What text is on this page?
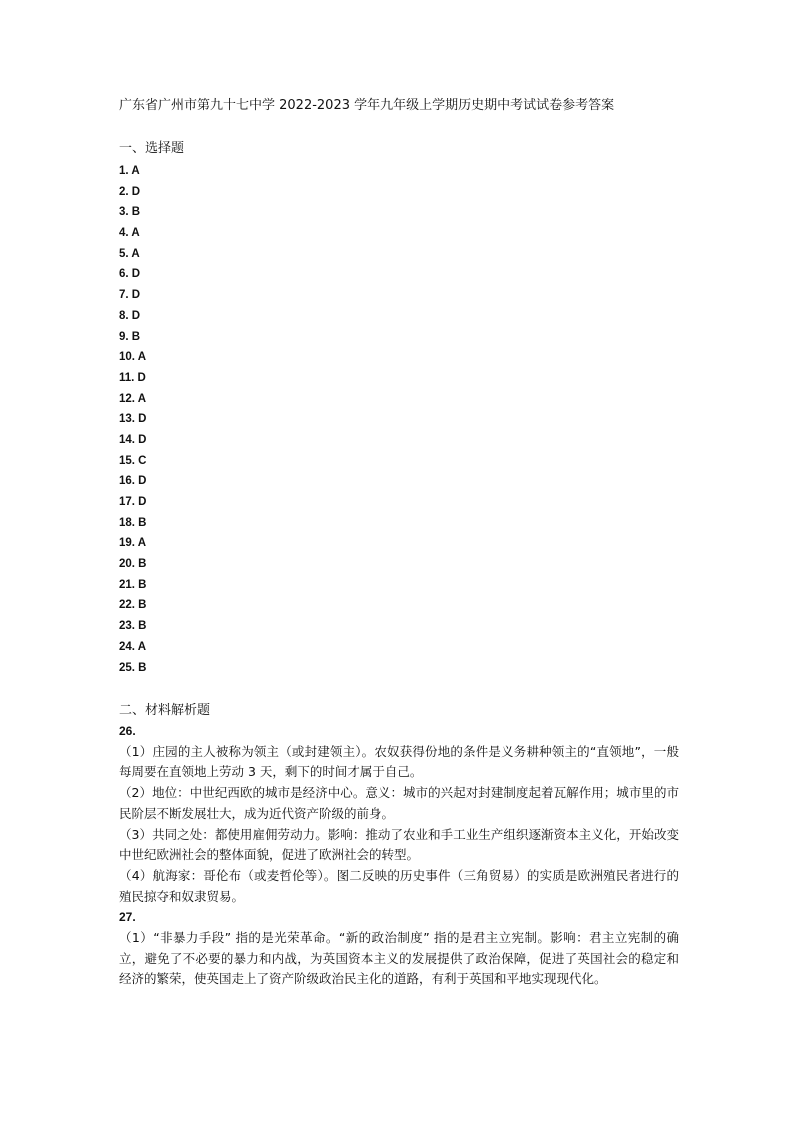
广东省广州市第九十七中学 2022-2023 学年九年级上学期历史期中考试试卷参考答案
一、选择题
1. A
2. D
3. B
4. A
5. A
6. D
7. D
8. D
9. B
10. A
11. D
12. A
13. D
14. D
15. C
16. D
17. D
18. B
19. A
20. B
21. B
22. B
23. B
24. A
25. B
二、材料解析题
26.

（1）庄园的主人被称为领主（或封建领主）。农奴获得份地的条件是义务耕种领主的“直领地”，一般每周要在直领地上劳动 3 天，剩下的时间才属于自己。

（2）地位：中世纪西欧的城市是经济中心。意义：城市的兴起对封建制度起着瓦解作用；城市里的市民阶层不断发展壮大，成为近代资产阶级的前身。

（3）共同之处：都使用雇佣劳动力。影响：推动了农业和手工业生产组织逐渐资本主义化，开始改变中世纪欧洲社会的整体面貌，促进了欧洲社会的转型。

（4）航海家：哥伦布（或麦哲伦等）。图二反映的历史事件（三角贸易）的实质是欧洲殖民者进行的殖民掠夺和奴隶贸易。

27.

（1）“非暴力手段” 指的是光荣革命。“新的政治制度” 指的是君主立宪制。影响：君主立宪制的确立，避免了不必要的暴力和内战，为英国资本主义的发展提供了政治保障，促进了英国社会的稳定和经济的繁荣，使英国走上了资产阶级政治民主化的道路，有利于英国和平地实现现代化。
